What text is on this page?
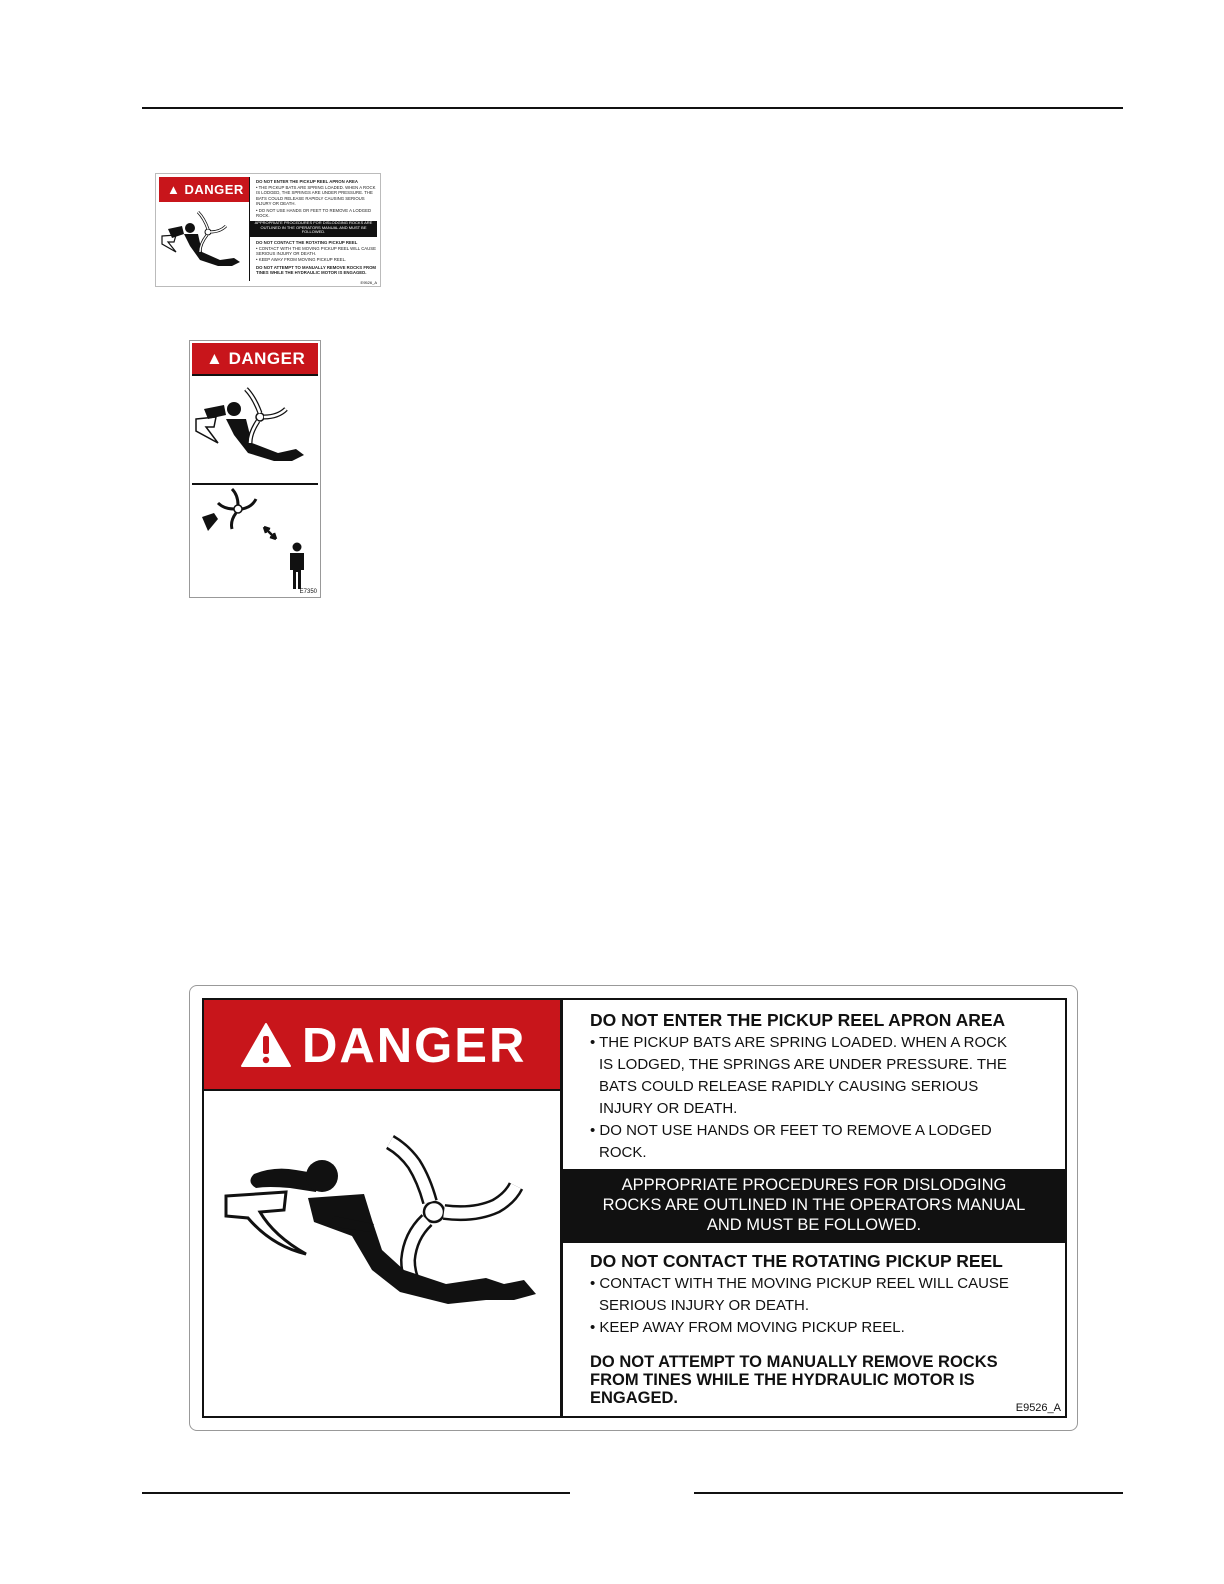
▲ DANGER
DO NOT ENTER THE PICKUP REEL APRON AREA
• THE PICKUP BATS ARE SPRING LOADED. WHEN A ROCK IS LODGED, THE SPRINGS ARE UNDER PRESSURE. THE BATS COULD RELEASE RAPIDLY CAUSING SERIOUS INJURY OR DEATH.
• DO NOT USE HANDS OR FEET TO REMOVE A LODGED ROCK.
APPROPRIATE PROCEDURES FOR DISLODGING ROCKS ARE OUTLINED IN THE OPERATORS MANUAL AND MUST BE FOLLOWED.
DO NOT CONTACT THE ROTATING PICKUP REEL
• CONTACT WITH THE MOVING PICKUP REEL WILL CAUSE SERIOUS INJURY OR DEATH.
• KEEP AWAY FROM MOVING PICKUP REEL.
DO NOT ATTEMPT TO MANUALLY REMOVE ROCKS FROM TINES WHILE THE HYDRAULIC MOTOR IS ENGAGED.
E9526_A
▲ DANGER
E7350
DANGER	DO NOT ENTER THE PICKUP REEL APRON AREA
• THE PICKUP BATS ARE SPRING LOADED. WHEN A ROCK
IS LODGED, THE SPRINGS ARE UNDER PRESSURE. THE
BATS COULD RELEASE RAPIDLY CAUSING SERIOUS
INJURY OR DEATH.
• DO NOT USE HANDS OR FEET TO REMOVE A LODGED
ROCK.
APPROPRIATE PROCEDURES FOR DISLODGING
ROCKS ARE OUTLINED IN THE OPERATORS MANUAL
AND MUST BE FOLLOWED.
DO NOT CONTACT THE ROTATING PICKUP REEL
• CONTACT WITH THE MOVING PICKUP REEL WILL CAUSE
SERIOUS INJURY OR DEATH.
• KEEP AWAY FROM MOVING PICKUP REEL.
DO NOT ATTEMPT TO MANUALLY REMOVE ROCKS
FROM TINES WHILE THE HYDRAULIC MOTOR IS
ENGAGED.
E9526_A
